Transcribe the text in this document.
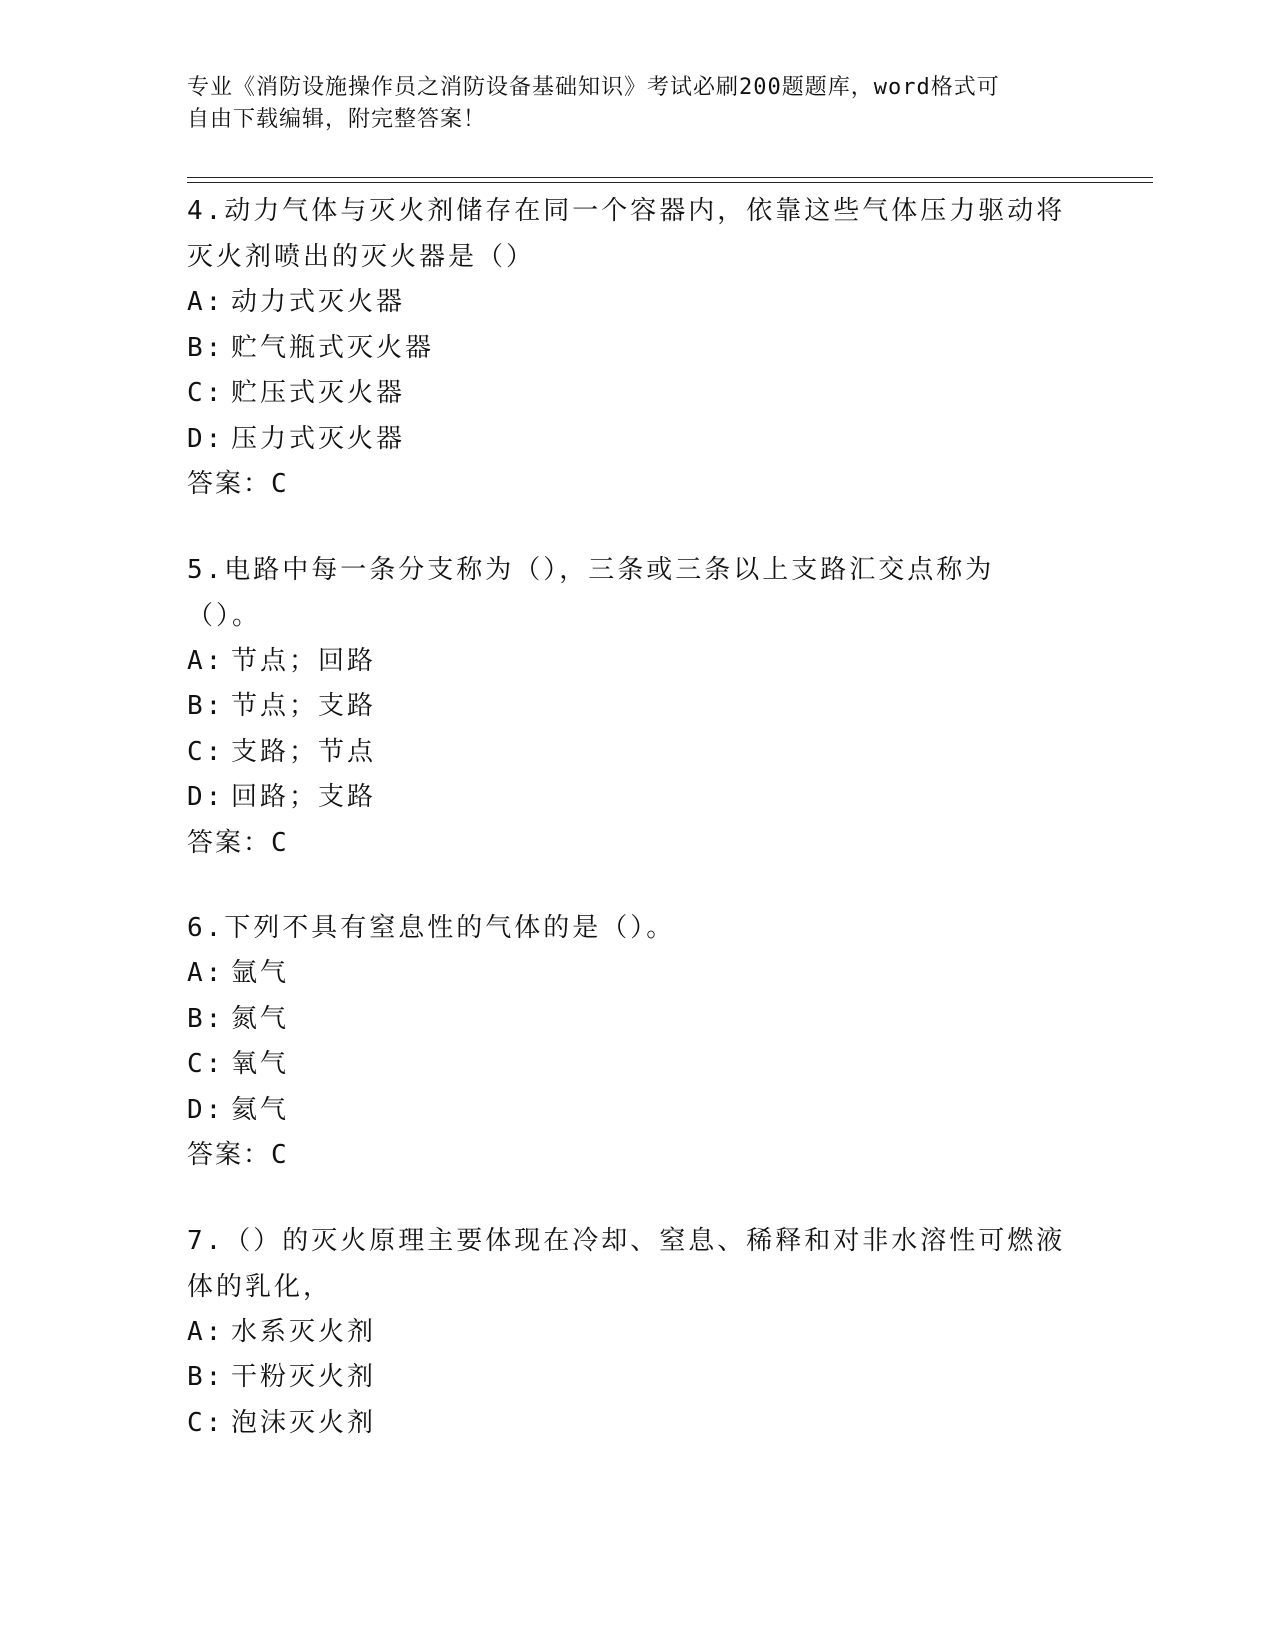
专业《消防设施操作员之消防设备基础知识》考试必刷200题题库，word格式可
自由下载编辑，附完整答案！
4.动力气体与灭火剂储存在同一个容器内，依靠这些气体压力驱动将灭火剂喷出的灭火器是（）
A: 动力式灭火器
B: 贮气瓶式灭火器
C: 贮压式灭火器
D: 压力式灭火器
答案：C
5.电路中每一条分支称为（），三条或三条以上支路汇交点称为（）。
A: 节点；回路
B: 节点；支路
C: 支路；节点
D: 回路；支路
答案：C
6.下列不具有窒息性的气体的是（）。
A: 氩气
B: 氮气
C: 氧气
D: 氦气
答案：C
7.（）的灭火原理主要体现在冷却、窒息、稀释和对非水溶性可燃液体的乳化，
A: 水系灭火剂
B: 干粉灭火剂
C: 泡沫灭火剂
